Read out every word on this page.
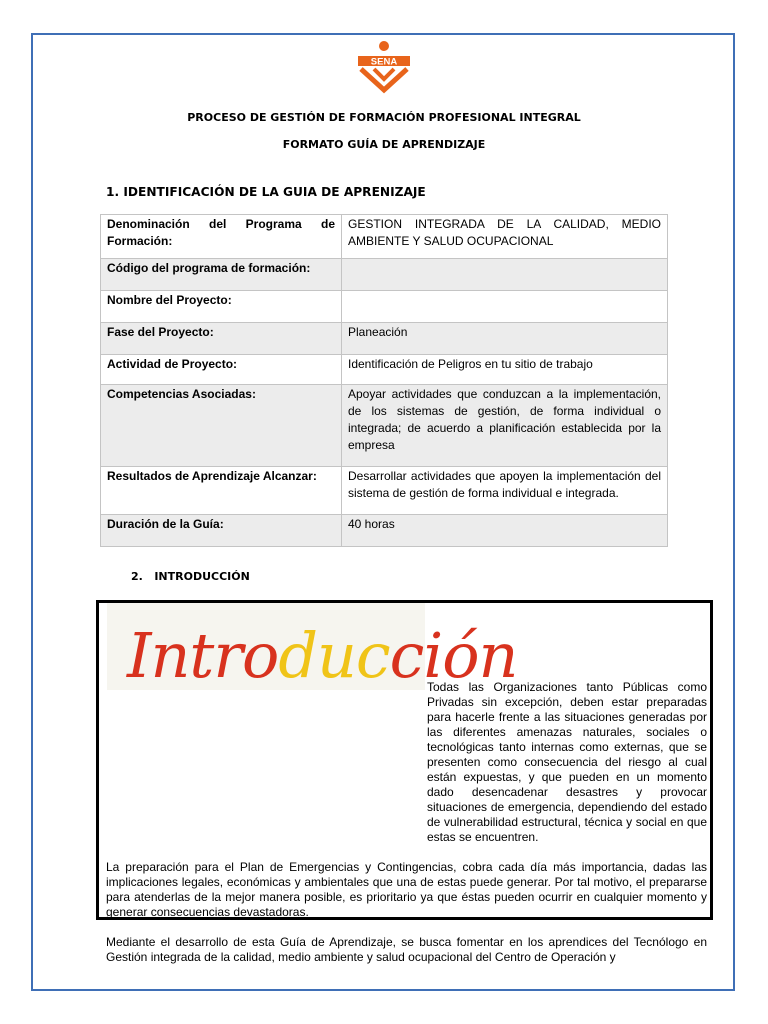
SENA
PROCESO DE GESTIÓN DE FORMACIÓN PROFESIONAL INTEGRAL
FORMATO GUÍA DE APRENDIZAJE
1. IDENTIFICACIÓN DE LA GUIA DE APRENIZAJE
Denominación del Programa de Formación:	GESTION INTEGRADA DE LA CALIDAD, MEDIO AMBIENTE Y SALUD OCUPACIONAL
Código del programa de formación:	
Nombre del Proyecto:	
Fase del Proyecto:	Planeación
Actividad de Proyecto:	Identificación de Peligros en tu sitio de trabajo
Competencias Asociadas:	Apoyar actividades que conduzcan a la implementación, de los sistemas de gestión, de forma individual o integrada; de acuerdo a planificación establecida por la empresa
Resultados de Aprendizaje Alcanzar:	Desarrollar actividades que apoyen la implementación del sistema de gestión de forma individual e integrada.
Duración de la Guía:	40 horas
2.   INTRODUCCIÓN
Introducción

Todas las Organizaciones tanto Públicas como Privadas sin excepción, deben estar preparadas para hacerle frente a las situaciones generadas por las diferentes amenazas naturales, sociales o tecnológicas tanto internas como externas, que se presenten como consecuencia del riesgo al cual están expuestas, y que pueden en un momento dado desencadenar desastres y provocar situaciones de emergencia, dependiendo del estado de vulnerabilidad estructural, técnica y social en que estas se encuentren.

La preparación para el Plan de Emergencias y Contingencias, cobra cada día más importancia, dadas las implicaciones legales, económicas y ambientales que una de estas puede generar. Por tal motivo, el prepararse para atenderlas de la mejor manera posible, es prioritario ya que éstas pueden ocurrir en cualquier momento y generar consecuencias devastadoras.

Mediante el desarrollo de esta Guía de Aprendizaje, se busca fomentar en los aprendices del Tecnólogo en Gestión integrada de la calidad, medio ambiente y salud ocupacional del Centro de Operación y
